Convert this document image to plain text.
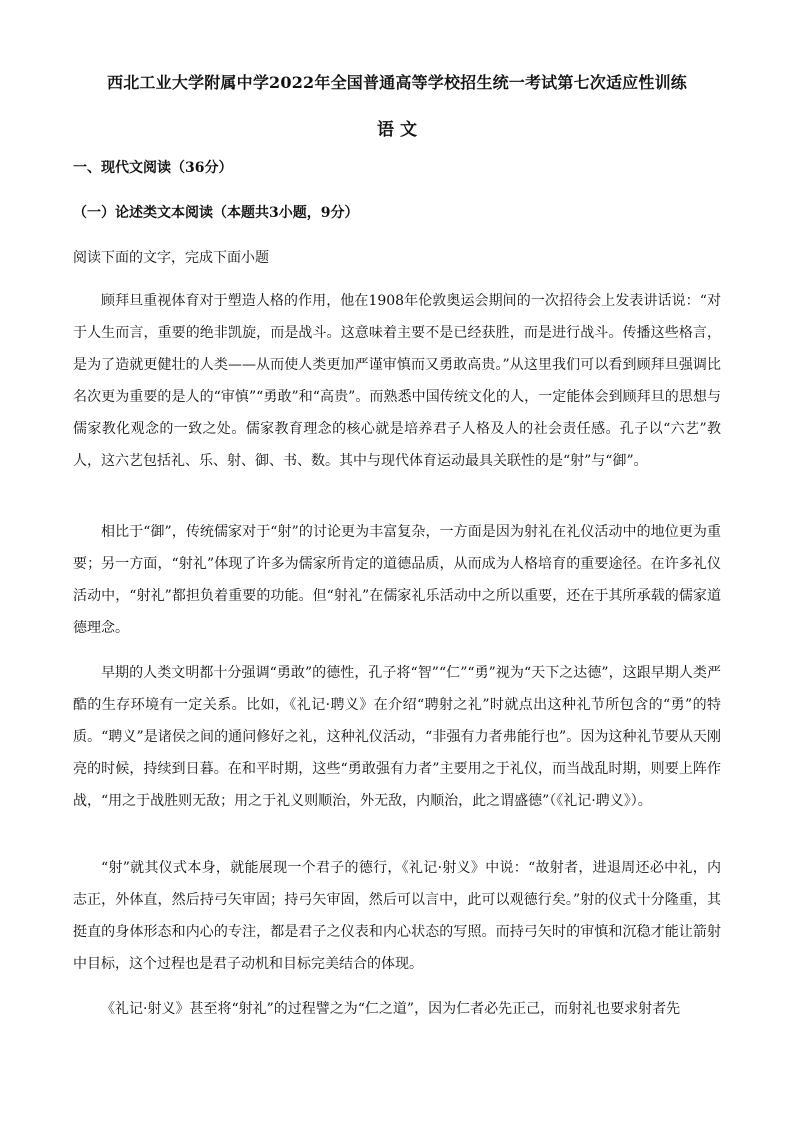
西北工业大学附属中学2022年全国普通高等学校招生统一考试第七次适应性训练
语 文
一、现代文阅读（36分）
（一）论述类文本阅读（本题共3小题，9分）
阅读下面的文字，完成下面小题

顾拜旦重视体育对于塑造人格的作用，他在1908年伦敦奥运会期间的一次招待会上发表讲话说：“对于人生而言，重要的绝非凯旋，而是战斗。这意味着主要不是已经获胜，而是进行战斗。传播这些格言，是为了造就更健壮的人类——从而使人类更加严谨审慎而又勇敢高贵。”从这里我们可以看到顾拜旦强调比名次更为重要的是人的“审慎”“勇敢”和“高贵”。而熟悉中国传统文化的人，一定能体会到顾拜旦的思想与儒家教化观念的一致之处。儒家教育理念的核心就是培养君子人格及人的社会责任感。孔子以“六艺”教人，这六艺包括礼、乐、射、御、书、数。其中与现代体育运动最具关联性的是“射”与“御”。

相比于“御”，传统儒家对于“射”的讨论更为丰富复杂，一方面是因为射礼在礼仪活动中的地位更为重要；另一方面，“射礼”体现了许多为儒家所肯定的道德品质，从而成为人格培育的重要途径。在许多礼仪活动中，“射礼”都担负着重要的功能。但“射礼”在儒家礼乐活动中之所以重要，还在于其所承载的儒家道德理念。

早期的人类文明都十分强调“勇敢”的德性，孔子将“智”“仁”“勇”视为“天下之达德”，这跟早期人类严酷的生存环境有一定关系。比如，《礼记·聘义》在介绍“聘射之礼”时就点出这种礼节所包含的“勇”的特质。“聘义”是诸侯之间的通问修好之礼，这种礼仪活动，“非强有力者弗能行也”。因为这种礼节要从天刚亮的时候，持续到日暮。在和平时期，这些“勇敢强有力者”主要用之于礼仪，而当战乱时期，则要上阵作战，“用之于战胜则无敌；用之于礼义则顺治，外无敌，内顺治，此之谓盛德”（《礼记·聘义》）。

“射”就其仪式本身，就能展现一个君子的德行，《礼记·射义》中说：“故射者，进退周还必中礼，内志正，外体直，然后持弓矢审固；持弓矢审固，然后可以言中，此可以观德行矣。”射的仪式十分隆重，其挺直的身体形态和内心的专注，都是君子之仪表和内心状态的写照。而持弓矢时的审慎和沉稳才能让箭射中目标，这个过程也是君子动机和目标完美结合的体现。

《礼记·射义》甚至将“射礼”的过程譬之为“仁之道”，因为仁者必先正己，而射礼也要求射者先
